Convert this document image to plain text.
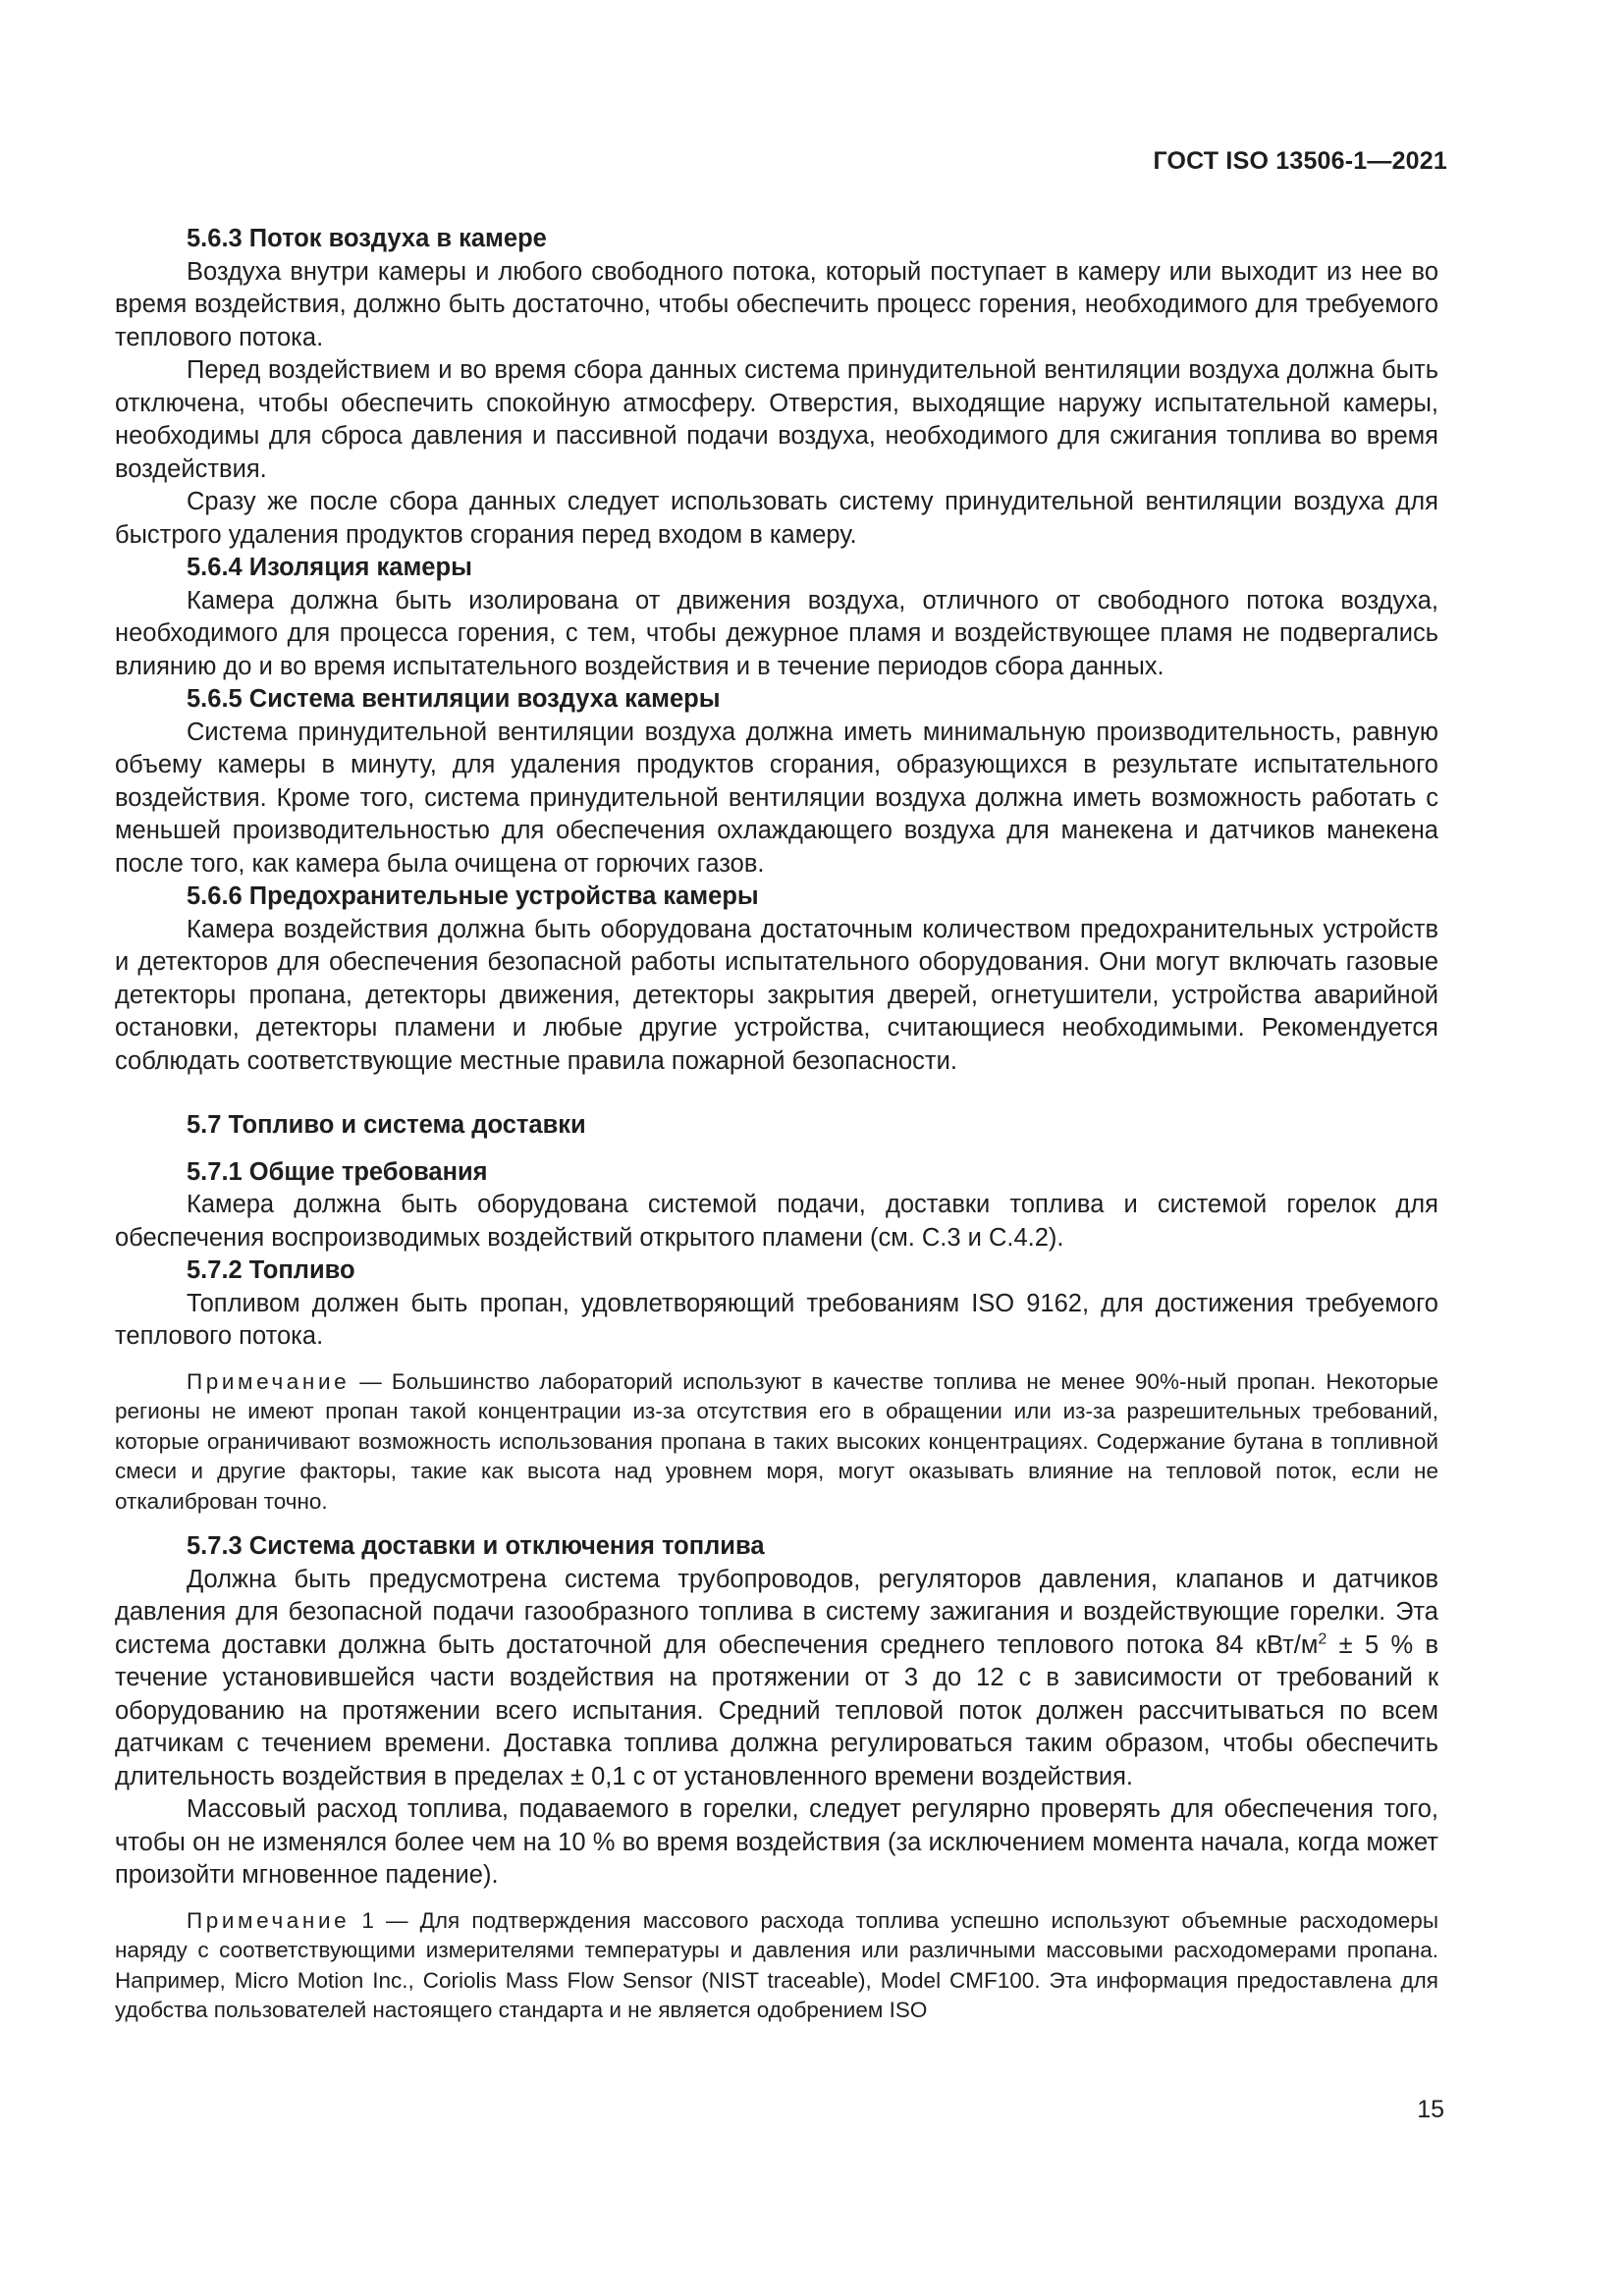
ГОСТ ISO 13506-1—2021

5.6.3 Поток воздуха в камере

Воздуха внутри камеры и любого свободного потока, который поступает в камеру или выходит из нее во время воздействия, должно быть достаточно, чтобы обеспечить процесс горения, необходимого для требуемого теплового потока.

Перед воздействием и во время сбора данных система принудительной вентиляции воздуха должна быть отключена, чтобы обеспечить спокойную атмосферу. Отверстия, выходящие наружу испытательной камеры, необходимы для сброса давления и пассивной подачи воздуха, необходимого для сжигания топлива во время воздействия.

Сразу же после сбора данных следует использовать систему принудительной вентиляции воздуха для быстрого удаления продуктов сгорания перед входом в камеру.

5.6.4 Изоляция камеры

Камера должна быть изолирована от движения воздуха, отличного от свободного потока воздуха, необходимого для процесса горения, с тем, чтобы дежурное пламя и воздействующее пламя не подвергались влиянию до и во время испытательного воздействия и в течение периодов сбора данных.

5.6.5 Система вентиляции воздуха камеры

Система принудительной вентиляции воздуха должна иметь минимальную производительность, равную объему камеры в минуту, для удаления продуктов сгорания, образующихся в результате испытательного воздействия. Кроме того, система принудительной вентиляции воздуха должна иметь возможность работать с меньшей производительностью для обеспечения охлаждающего воздуха для манекена и датчиков манекена после того, как камера была очищена от горючих газов.

5.6.6 Предохранительные устройства камеры

Камера воздействия должна быть оборудована достаточным количеством предохранительных устройств и детекторов для обеспечения безопасной работы испытательного оборудования. Они могут включать газовые детекторы пропана, детекторы движения, детекторы закрытия дверей, огнетушители, устройства аварийной остановки, детекторы пламени и любые другие устройства, считающиеся необходимыми. Рекомендуется соблюдать соответствующие местные правила пожарной безопасности.

5.7 Топливо и система доставки

5.7.1 Общие требования

Камера должна быть оборудована системой подачи, доставки топлива и системой горелок для обеспечения воспроизводимых воздействий открытого пламени (см. С.3 и С.4.2).

5.7.2 Топливо

Топливом должен быть пропан, удовлетворяющий требованиям ISO 9162, для достижения требуемого теплового потока.

Примечание — Большинство лабораторий используют в качестве топлива не менее 90%-ный пропан. Некоторые регионы не имеют пропан такой концентрации из-за отсутствия его в обращении или из-за разрешительных требований, которые ограничивают возможность использования пропана в таких высоких концентрациях. Содержание бутана в топливной смеси и другие факторы, такие как высота над уровнем моря, могут оказывать влияние на тепловой поток, если не откалиброван точно.

5.7.3 Система доставки и отключения топлива

Должна быть предусмотрена система трубопроводов, регуляторов давления, клапанов и датчиков давления для безопасной подачи газообразного топлива в систему зажигания и воздействующие горелки. Эта система доставки должна быть достаточной для обеспечения среднего теплового потока 84 кВт/$м^2 \pm 5$ % в течение установившейся части воздействия на протяжении от 3 до 12 с в зависимости от требований к оборудованию на протяжении всего испытания. Средний тепловой поток должен рассчитываться по всем датчикам с течением времени. Доставка топлива должна регулироваться таким образом, чтобы обеспечить длительность воздействия в пределах ± 0,1 с от установленного времени воздействия.

Массовый расход топлива, подаваемого в горелки, следует регулярно проверять для обеспечения того, чтобы он не изменялся более чем на 10 % во время воздействия (за исключением момента начала, когда может произойти мгновенное падение).

Примечание 1 — Для подтверждения массового расхода топлива успешно используют объемные расходомеры наряду с соответствующими измерителями температуры и давления или различными массовыми расходомерами пропана. Например, Micro Motion Inc., Coriolis Mass Flow Sensor (NIST traceable), Model CMF100. Эта информация предоставлена для удобства пользователей настоящего стандарта и не является одобрением ISO

15
